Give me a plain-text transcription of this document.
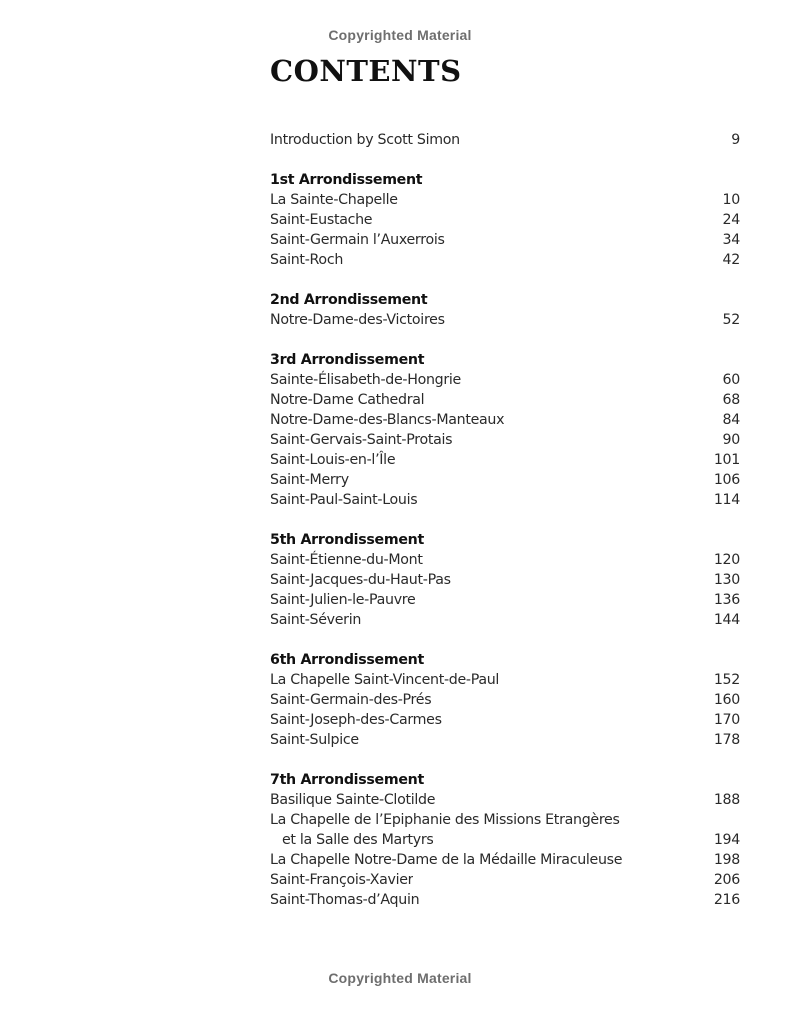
Copyrighted Material
CONTENTS
Introduction by Scott Simon	9
1st Arrondissement
La Sainte-Chapelle	10
Saint-Eustache	24
Saint-Germain l’Auxerrois	34
Saint-Roch	42
2nd Arrondissement
Notre-Dame-des-Victoires	52
3rd Arrondissement
Sainte-Élisabeth-de-Hongrie	60
Notre-Dame Cathedral	68
Notre-Dame-des-Blancs-Manteaux	84
Saint-Gervais-Saint-Protais	90
Saint-Louis-en-l’Île	101
Saint-Merry	106
Saint-Paul-Saint-Louis	114
5th Arrondissement
Saint-Étienne-du-Mont	120
Saint-Jacques-du-Haut-Pas	130
Saint-Julien-le-Pauvre	136
Saint-Séverin	144
6th Arrondissement
La Chapelle Saint-Vincent-de-Paul	152
Saint-Germain-des-Prés	160
Saint-Joseph-des-Carmes	170
Saint-Sulpice	178
7th Arrondissement
Basilique Sainte-Clotilde	188
La Chapelle de l’Epiphanie des Missions Etrangères
et la Salle des Martyrs	194
La Chapelle Notre-Dame de la Médaille Miraculeuse	198
Saint-François-Xavier	206
Saint-Thomas-d’Aquin	216
Copyrighted Material
